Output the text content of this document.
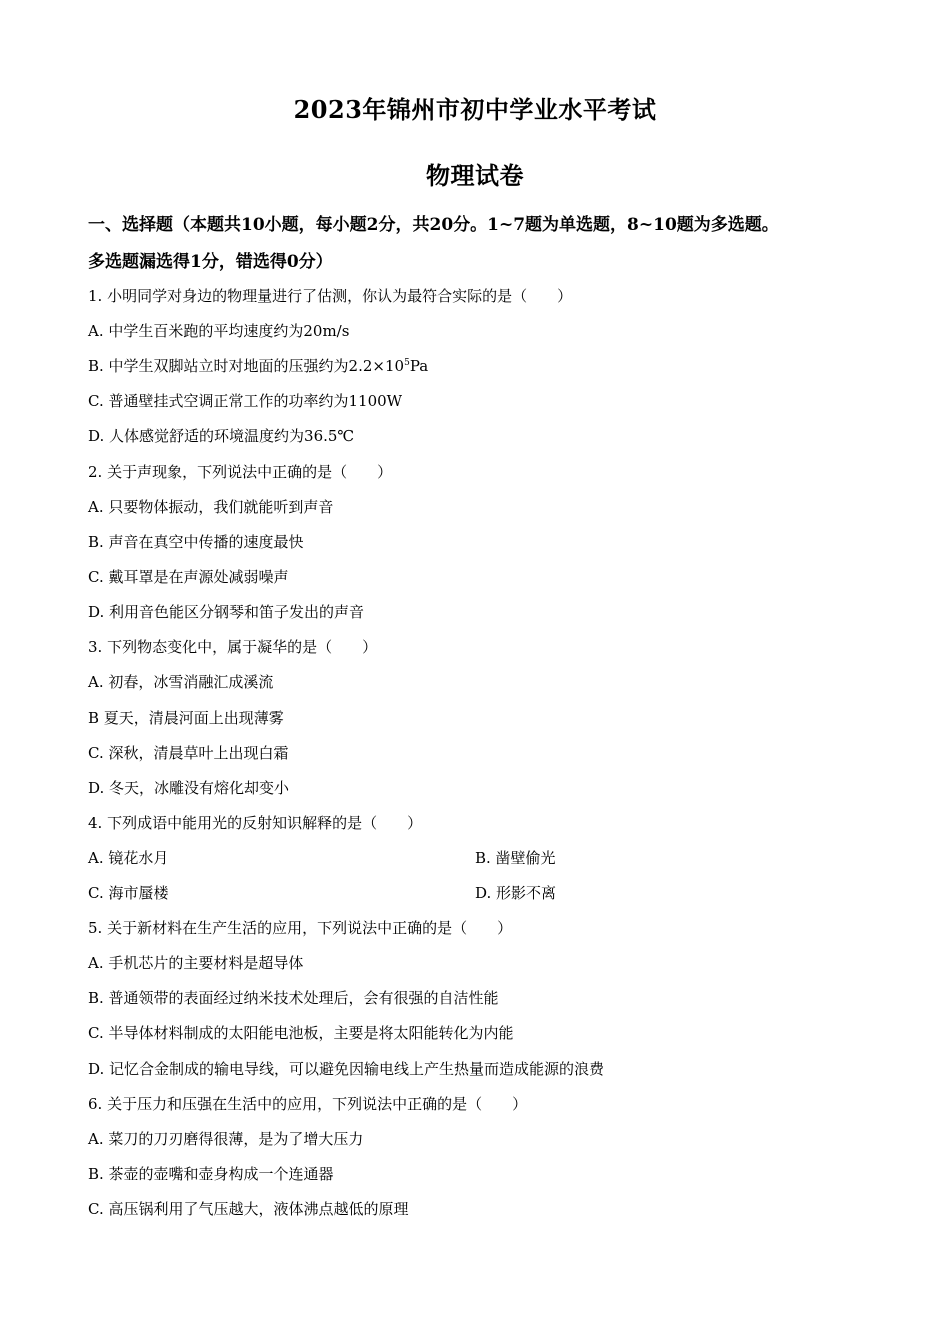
2023年锦州市初中学业水平考试
物理试卷
一、选择题（本题共10小题，每小题2分，共20分。1~7题为单选题，8~10题为多选题。
多选题漏选得1分，错选得0分）
1. 小明同学对身边的物理量进行了估测，你认为最符合实际的是（　　）
A. 中学生百米跑的平均速度约为20m/s
B. 中学生双脚站立时对地面的压强约为$2.2\times 10^5Pa$
C. 普通壁挂式空调正常工作的功率约为1100W
D. 人体感觉舒适的环境温度约为36.5℃
2. 关于声现象，下列说法中正确的是（　　）
A. 只要物体振动，我们就能听到声音
B. 声音在真空中传播的速度最快
C. 戴耳罩是在声源处减弱噪声
D. 利用音色能区分钢琴和笛子发出的声音
3. 下列物态变化中，属于凝华的是（　　）
A. 初春，冰雪消融汇成溪流
B 夏天，清晨河面上出现薄雾
C. 深秋，清晨草叶上出现白霜
D. 冬天，冰雕没有熔化却变小
4. 下列成语中能用光的反射知识解释的是（　　）
A. 镜花水月	B. 凿壁偷光
C. 海市蜃楼	D. 形影不离
5. 关于新材料在生产生活的应用，下列说法中正确的是（　　）
A. 手机芯片的主要材料是超导体
B. 普通领带的表面经过纳米技术处理后，会有很强的自洁性能
C. 半导体材料制成的太阳能电池板，主要是将太阳能转化为内能
D. 记忆合金制成的输电导线，可以避免因输电线上产生热量而造成能源的浪费
6. 关于压力和压强在生活中的应用，下列说法中正确的是（　　）
A. 菜刀的刀刃磨得很薄，是为了增大压力
B. 茶壶的壶嘴和壶身构成一个连通器
C. 高压锅利用了气压越大，液体沸点越低的原理
